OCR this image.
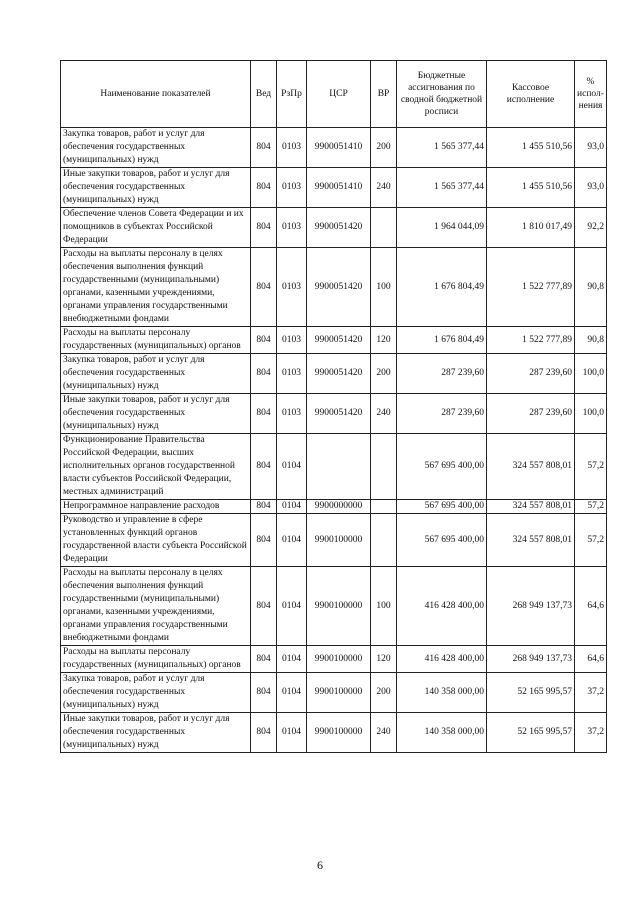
Наименование показателей	Вед	РзПр	ЦСР	ВР	Бюджетные ассигнования по сводной бюджетной росписи	Кассовое исполнение	% испол-нения
Закупка товаров, работ и услуг для обеспечения государственных (муниципальных) нужд	804	0103	9900051410	200	1 565 377,44	1 455 510,56	93,0
Иные закупки товаров, работ и услуг для обеспечения государственных (муниципальных) нужд	804	0103	9900051410	240	1 565 377,44	1 455 510,56	93,0
Обеспечение членов Совета Федерации и их помощников в субъектах Российской Федерации	804	0103	9900051420		1 964 044,09	1 810 017,49	92,2
Расходы на выплаты персоналу в целях обеспечения выполнения функций государственными (муниципальными) органами, казенными учреждениями, органами управления государственными внебюджетными фондами	804	0103	9900051420	100	1 676 804,49	1 522 777,89	90,8
Расходы на выплаты персоналу государственных (муниципальных) органов	804	0103	9900051420	120	1 676 804,49	1 522 777,89	90,8
Закупка товаров, работ и услуг для обеспечения государственных (муниципальных) нужд	804	0103	9900051420	200	287 239,60	287 239,60	100,0
Иные закупки товаров, работ и услуг для обеспечения государственных (муниципальных) нужд	804	0103	9900051420	240	287 239,60	287 239,60	100,0
Функционирование Правительства Российской Федерации, высших исполнительных органов государственной власти субъектов Российской Федерации, местных администраций	804	0104			567 695 400,00	324 557 808,01	57,2
Непрограммное направление расходов	804	0104	9900000000		567 695 400,00	324 557 808,01	57,2
Руководство и управление в сфере установленных функций органов государственной власти субъекта Российской Федерации	804	0104	9900100000		567 695 400,00	324 557 808,01	57,2
Расходы на выплаты персоналу в целях обеспечения выполнения функций государственными (муниципальными) органами, казенными учреждениями, органами управления государственными внебюджетными фондами	804	0104	9900100000	100	416 428 400,00	268 949 137,73	64,6
Расходы на выплаты персоналу государственных (муниципальных) органов	804	0104	9900100000	120	416 428 400,00	268 949 137,73	64,6
Закупка товаров, работ и услуг для обеспечения государственных (муниципальных) нужд	804	0104	9900100000	200	140 358 000,00	52 165 995,57	37,2
Иные закупки товаров, работ и услуг для обеспечения государственных (муниципальных) нужд	804	0104	9900100000	240	140 358 000,00	52 165 995,57	37,2
6
